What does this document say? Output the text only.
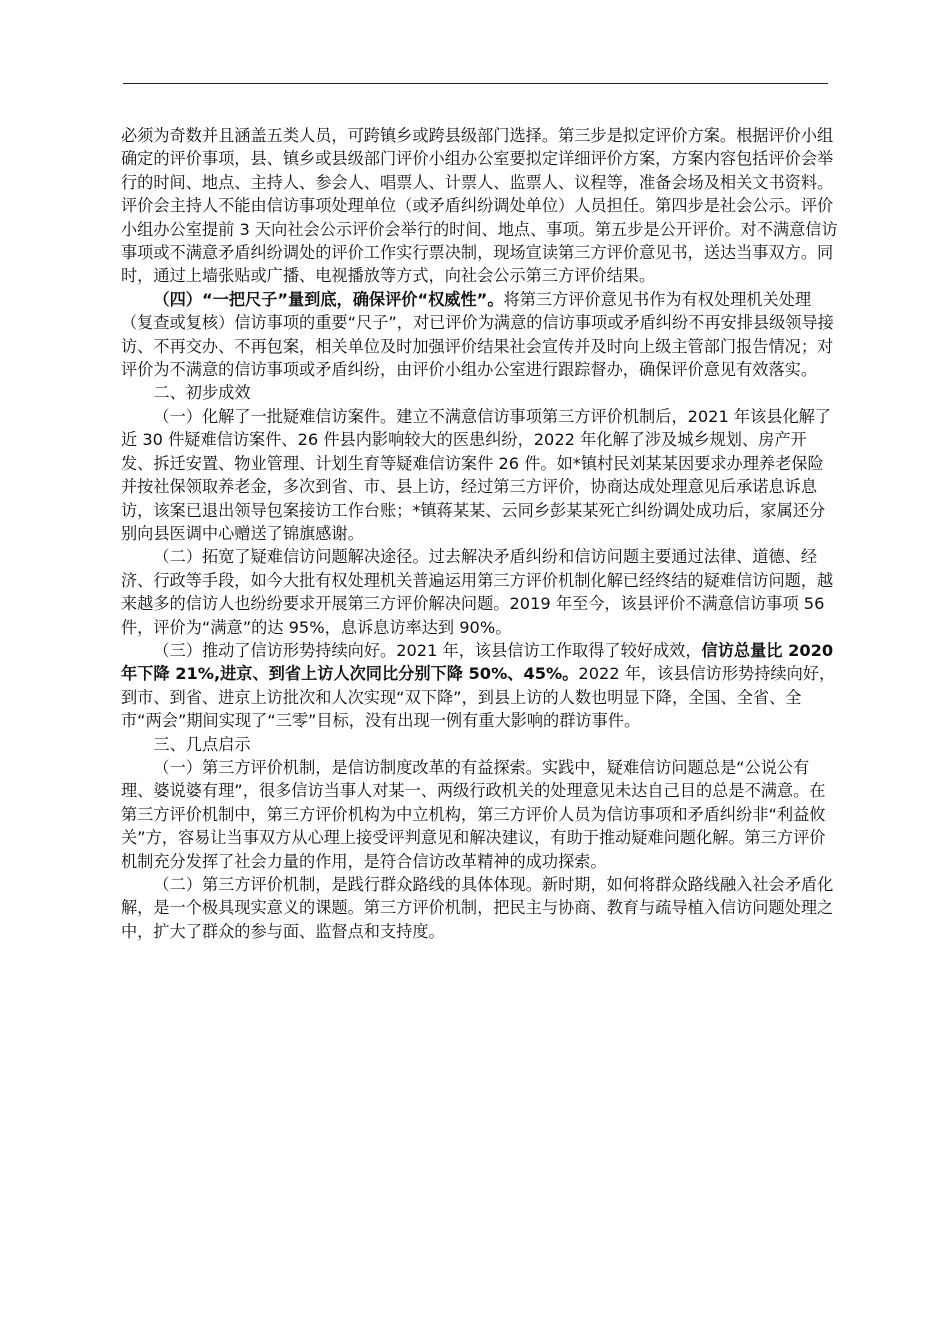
必须为奇数并且涵盖五类人员，可跨镇乡或跨县级部门选择。第三步是拟定评价方案。根据评价小组确定的评价事项，县、镇乡或县级部门评价小组办公室要拟定详细评价方案，方案内容包括评价会举行的时间、地点、主持人、参会人、唱票人、计票人、监票人、议程等，准备会场及相关文书资料。评价会主持人不能由信访事项处理单位（或矛盾纠纷调处单位）人员担任。第四步是社会公示。评价小组办公室提前 3 天向社会公示评价会举行的时间、地点、事项。第五步是公开评价。对不满意信访事项或不满意矛盾纠纷调处的评价工作实行票决制，现场宣读第三方评价意见书，送达当事双方。同时，通过上墙张贴或广播、电视播放等方式，向社会公示第三方评价结果。

（四）“一把尺子”量到底，确保评价“权威性”。将第三方评价意见书作为有权处理机关处理（复查或复核）信访事项的重要“尺子”，对已评价为满意的信访事项或矛盾纠纷不再安排县级领导接访、不再交办、不再包案，相关单位及时加强评价结果社会宣传并及时向上级主管部门报告情况；对评价为不满意的信访事项或矛盾纠纷，由评价小组办公室进行跟踪督办，确保评价意见有效落实。

二、初步成效

（一）化解了一批疑难信访案件。建立不满意信访事项第三方评价机制后，2021 年该县化解了近 30 件疑难信访案件、26 件县内影响较大的医患纠纷，2022 年化解了涉及城乡规划、房产开发、拆迁安置、物业管理、计划生育等疑难信访案件 26 件。如*镇村民刘某某因要求办理养老保险并按社保领取养老金，多次到省、市、县上访，经过第三方评价，协商达成处理意见后承诺息诉息访，该案已退出领导包案接访工作台账；*镇蒋某某、云同乡彭某某死亡纠纷调处成功后，家属还分别向县医调中心赠送了锦旗感谢。

（二）拓宽了疑难信访问题解决途径。过去解决矛盾纠纷和信访问题主要通过法律、道德、经济、行政等手段，如今大批有权处理机关普遍运用第三方评价机制化解已经终结的疑难信访问题，越来越多的信访人也纷纷要求开展第三方评价解决问题。2019 年至今，该县评价不满意信访事项 56 件，评价为“满意”的达 95%，息诉息访率达到 90%。

（三）推动了信访形势持续向好。2021 年，该县信访工作取得了较好成效，信访总量比 2020 年下降 21%,进京、到省上访人次同比分别下降 50%、45%。2022 年，该县信访形势持续向好，到市、到省、进京上访批次和人次实现“双下降”，到县上访的人数也明显下降，全国、全省、全市“两会”期间实现了“三零”目标，没有出现一例有重大影响的群访事件。

三、几点启示

（一）第三方评价机制，是信访制度改革的有益探索。实践中，疑难信访问题总是“公说公有理、婆说婆有理”，很多信访当事人对某一、两级行政机关的处理意见未达自己目的总是不满意。在第三方评价机制中，第三方评价机构为中立机构，第三方评价人员为信访事项和矛盾纠纷非“利益攸关”方，容易让当事双方从心理上接受评判意见和解决建议，有助于推动疑难问题化解。第三方评价机制充分发挥了社会力量的作用，是符合信访改革精神的成功探索。

（二）第三方评价机制，是践行群众路线的具体体现。新时期，如何将群众路线融入社会矛盾化解，是一个极具现实意义的课题。第三方评价机制，把民主与协商、教育与疏导植入信访问题处理之中，扩大了群众的参与面、监督点和支持度。
